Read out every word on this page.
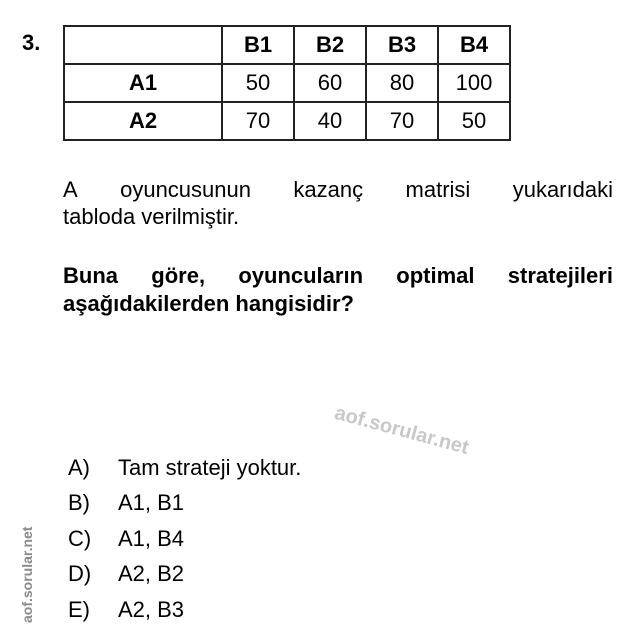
3.
		B1	B2	B3	B4
A1	50	60	80	100
A2	70	40	70	50
A oyuncusunun kazanç matrisi yukarıdaki
tabloda verilmiştir.
Buna göre, oyuncuların optimal stratejileri
aşağıdakilerden hangisidir?
aof.sorular.net
A)	Tam strateji yoktur.
B)	A1, B1
C)	A1, B4
D)	A2, B2
E)	A2, B3
aof.sorular.net
